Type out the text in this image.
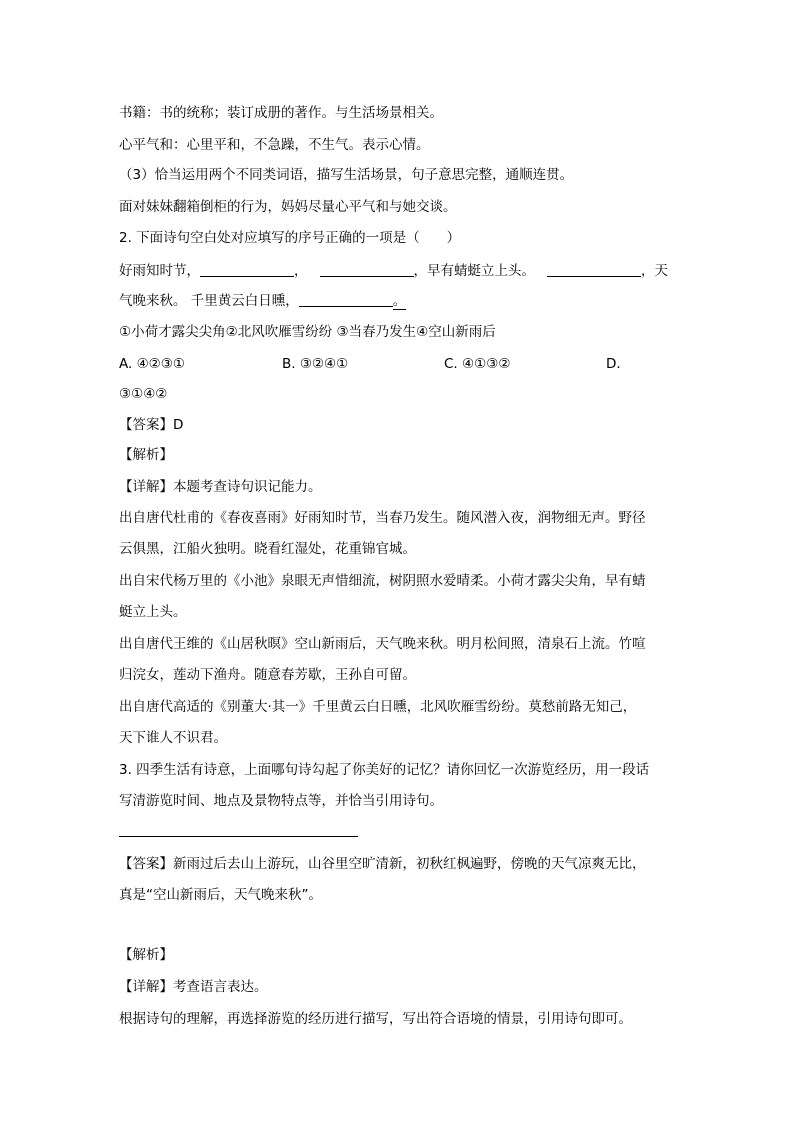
书籍：书的统称；装订成册的著作。与生活场景相关。
心平气和：心里平和，不急躁，不生气。表示心情。
（3）恰当运用两个不同类词语，描写生活场景，句子意思完整，通顺连贯。
面对妹妹翻箱倒柜的行为，妈妈尽量心平气和与她交谈。
2. 下面诗句空白处对应填写的序号正确的一项是（　　）
好雨知时节，	，	，早有蜻蜓立上头。	，天
气晚来秋。 千里黄云白日曛，	。
①小荷才露尖尖角②北风吹雁雪纷纷 ③当春乃发生④空山新雨后
A. ④②③①	B. ③②④①	C. ④①③②	D.
③①④②
【答案】D
【解析】
【详解】本题考查诗句识记能力。
出自唐代杜甫的《春夜喜雨》好雨知时节，当春乃发生。随风潜入夜，润物细无声。野径
云俱黑，江船火独明。晓看红湿处，花重锦官城。
出自宋代杨万里的《小池》泉眼无声惜细流，树阴照水爱晴柔。小荷才露尖尖角，早有蜻
蜓立上头。
出自唐代王维的《山居秋暝》空山新雨后，天气晚来秋。明月松间照，清泉石上流。竹喧
归浣女，莲动下渔舟。随意春芳歇，王孙自可留。
出自唐代高适的《别董大·其一》千里黄云白日曛，北风吹雁雪纷纷。莫愁前路无知己，
天下谁人不识君。
3. 四季生活有诗意，上面哪句诗勾起了你美好的记忆？请你回忆一次游览经历，用一段话
写清游览时间、地点及景物特点等，并恰当引用诗句。
【答案】新雨过后去山上游玩，山谷里空旷清新，初秋红枫遍野，傍晚的天气凉爽无比，
真是“空山新雨后，天气晚来秋”。
【解析】
【详解】考查语言表达。
根据诗句的理解，再选择游览的经历进行描写，写出符合语境的情景，引用诗句即可。
